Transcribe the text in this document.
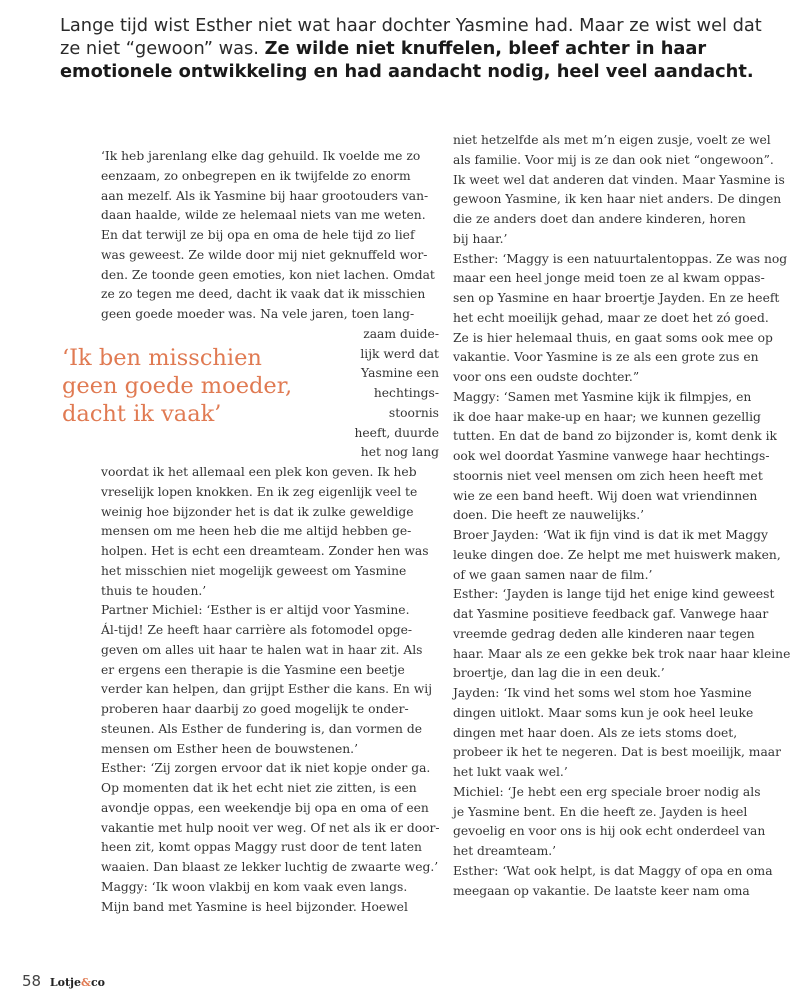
Lange tijd wist Esther niet wat haar dochter Yasmine had. Maar ze wist wel dat ze niet “gewoon” was. Ze wilde niet knuffelen, bleef achter in haar emotionele ontwikkeling en had aandacht nodig, heel veel aandacht.
‘Ik heb jarenlang elke dag gehuild. Ik voelde me zo
eenzaam, zo onbegrepen en ik twijfelde zo enorm
aan mezelf. Als ik Yasmine bij haar grootouders van-
daan haalde, wilde ze helemaal niets van me weten.
En dat terwijl ze bij opa en oma de hele tijd zo lief
was geweest. Ze wilde door mij niet geknuffeld wor-
den. Ze toonde geen emoties, kon niet lachen. Omdat
ze zo tegen me deed, dacht ik vaak dat ik misschien
geen goede moeder was. Na vele jaren, toen lang-
zaam duide-
lijk werd dat
Yasmine een
hechtings-
stoornis
heeft, duurde
het nog lang
voordat ik het allemaal een plek kon geven. Ik heb
vreselijk lopen knokken. En ik zeg eigenlijk veel te
weinig hoe bijzonder het is dat ik zulke geweldige
mensen om me heen heb die me altijd hebben ge-
holpen. Het is echt een dreamteam. Zonder hen was
het misschien niet mogelijk geweest om Yasmine
thuis te houden.’
Partner Michiel: ‘Esther is er altijd voor Yasmine.
Ál-tijd! Ze heeft haar carrière als fotomodel opge-
geven om alles uit haar te halen wat in haar zit. Als
er ergens een therapie is die Yasmine een beetje
verder kan helpen, dan grijpt Esther die kans. En wij
proberen haar daarbij zo goed mogelijk te onder-
steunen. Als Esther de fundering is, dan vormen de
mensen om Esther heen de bouwstenen.’
Esther: ‘Zij zorgen ervoor dat ik niet kopje onder ga.
Op momenten dat ik het echt niet zie zitten, is een
avondje oppas, een weekendje bij opa en oma of een
vakantie met hulp nooit ver weg. Of net als ik er door-
heen zit, komt oppas Maggy rust door de tent laten
waaien. Dan blaast ze lekker luchtig de zwaarte weg.’
Maggy: ‘Ik woon vlakbij en kom vaak even langs.
Mijn band met Yasmine is heel bijzonder. Hoewel
‘Ik ben misschien
geen goede moeder,
dacht ik vaak’
niet hetzelfde als met m’n eigen zusje, voelt ze wel
als familie. Voor mij is ze dan ook niet “ongewoon”.
Ik weet wel dat anderen dat vinden. Maar Yasmine is
gewoon Yasmine, ik ken haar niet anders. De dingen
die ze anders doet dan andere kinderen, horen
bij haar.’
Esther: ‘Maggy is een natuurtalentoppas. Ze was nog
maar een heel jonge meid toen ze al kwam oppas-
sen op Yasmine en haar broertje Jayden. En ze heeft
het echt moeilijk gehad, maar ze doet het zó goed.
Ze is hier helemaal thuis, en gaat soms ook mee op
vakantie. Voor Yasmine is ze als een grote zus en
voor ons een oudste dochter.”
Maggy: ‘Samen met Yasmine kijk ik filmpjes, en
ik doe haar make-up en haar; we kunnen gezellig
tutten. En dat de band zo bijzonder is, komt denk ik
ook wel doordat Yasmine vanwege haar hechtings-
stoornis niet veel mensen om zich heen heeft met
wie ze een band heeft. Wij doen wat vriendinnen
doen. Die heeft ze nauwelijks.’
Broer Jayden: ‘Wat ik fijn vind is dat ik met Maggy
leuke dingen doe. Ze helpt me met huiswerk maken,
of we gaan samen naar de film.’
Esther: ‘Jayden is lange tijd het enige kind geweest
dat Yasmine positieve feedback gaf. Vanwege haar
vreemde gedrag deden alle kinderen naar tegen
haar. Maar als ze een gekke bek trok naar haar kleine
broertje, dan lag die in een deuk.’
Jayden: ‘Ik vind het soms wel stom hoe Yasmine
dingen uitlokt. Maar soms kun je ook heel leuke
dingen met haar doen. Als ze iets stoms doet,
probeer ik het te negeren. Dat is best moeilijk, maar
het lukt vaak wel.’
Michiel: ‘Je hebt een erg speciale broer nodig als
je Yasmine bent. En die heeft ze. Jayden is heel
gevoelig en voor ons is hij ook echt onderdeel van
het dreamteam.’
Esther: ‘Wat ook helpt, is dat Maggy of opa en oma
meegaan op vakantie. De laatste keer nam oma
58 Lotje&co
